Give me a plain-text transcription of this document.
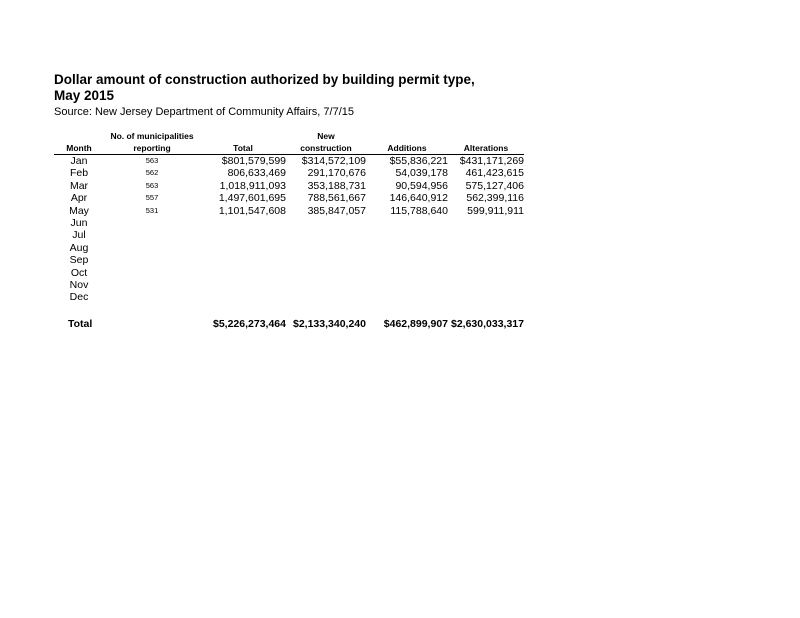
Dollar amount of construction authorized by building permit type,
May 2015
Source: New Jersey Department of Community Affairs, 7/7/15
	No. of municipalities		New		
Month	reporting	Total	construction	Additions	Alterations
Jan	563	$801,579,599	$314,572,109	$55,836,221	$431,171,269
Feb	562	806,633,469	291,170,676	54,039,178	461,423,615
Mar	563	1,018,911,093	353,188,731	90,594,956	575,127,406
Apr	557	1,497,601,695	788,561,667	146,640,912	562,399,116
May	531	1,101,547,608	385,847,057	115,788,640	599,911,911
Jun					
Jul					
Aug					
Sep					
Oct					
Nov					
Dec					

Total		$5,226,273,464	$2,133,340,240	$462,899,907	$2,630,033,317
